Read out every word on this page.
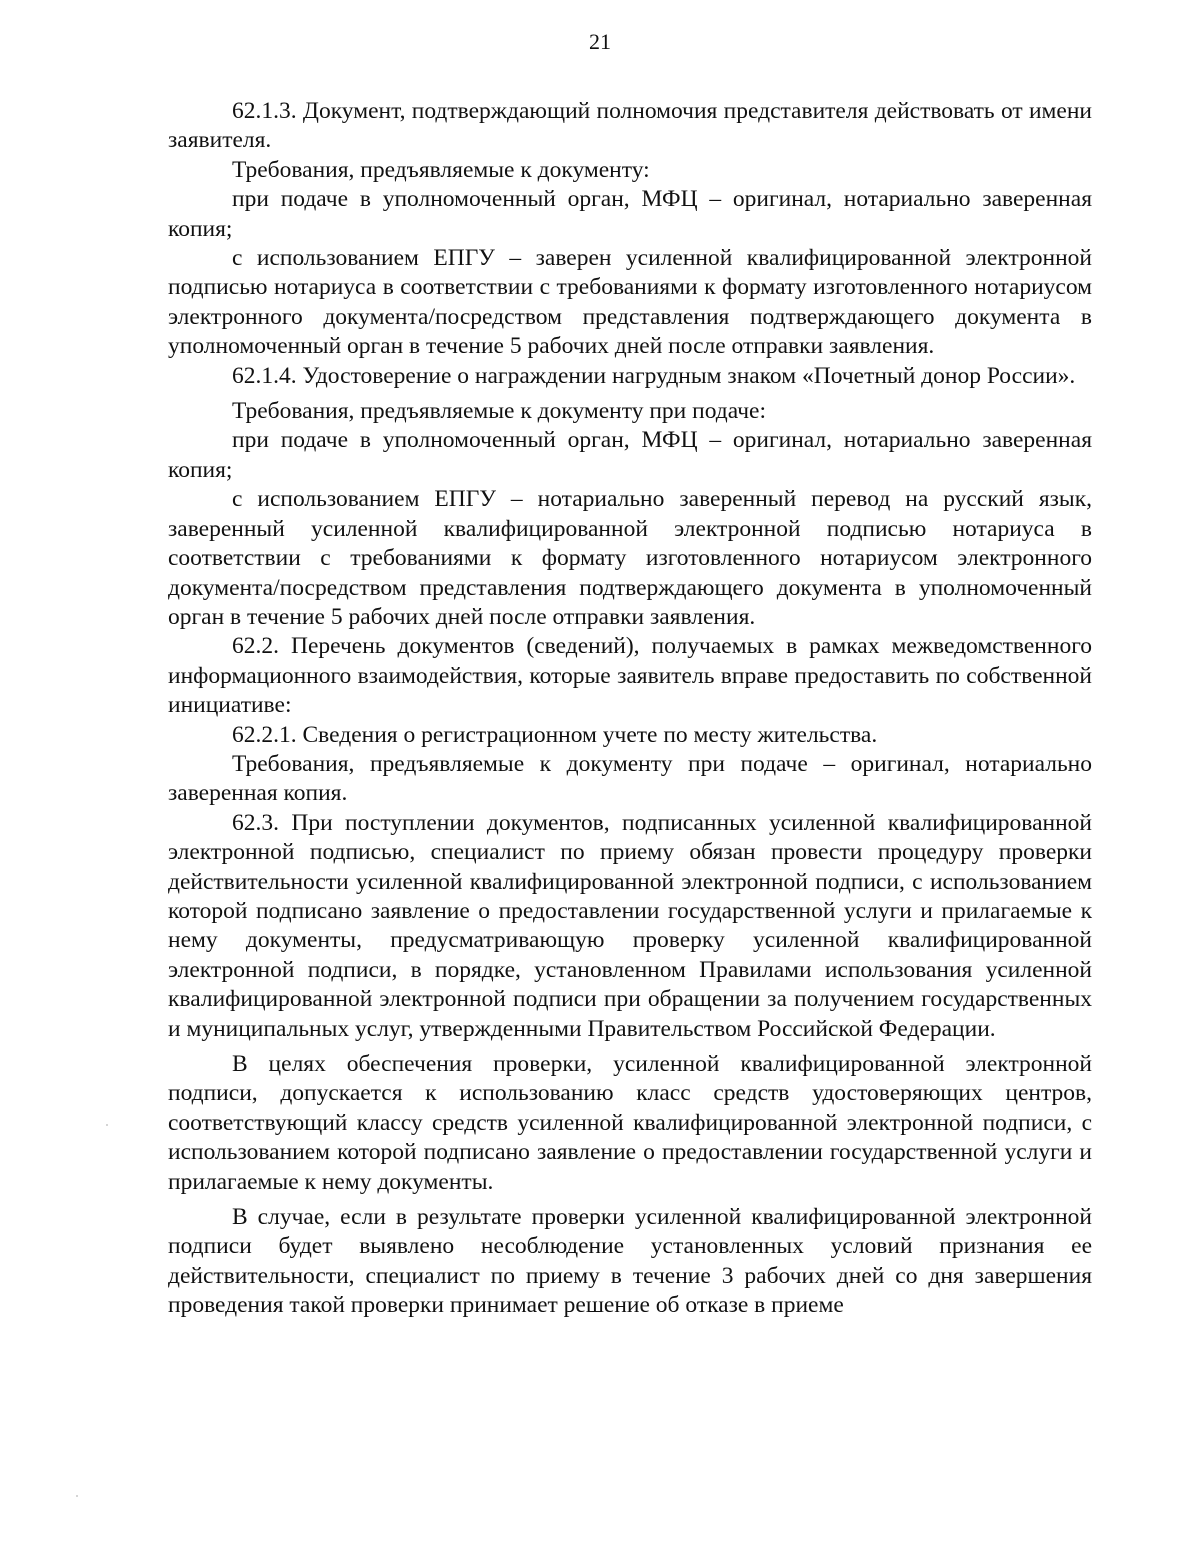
21

62.1.3. Документ, подтверждающий полномочия представителя действовать от имени заявителя.

Требования, предъявляемые к документу:

при подаче в уполномоченный орган, МФЦ – оригинал, нотариально заверенная копия;

с использованием ЕПГУ – заверен усиленной квалифицированной электронной подписью нотариуса в соответствии с требованиями к формату изготовленного нотариусом электронного документа/посредством представления подтверждающего документа в уполномоченный орган в течение 5 рабочих дней после отправки заявления.

62.1.4. Удостоверение о награждении нагрудным знаком «Почетный донор России».

Требования, предъявляемые к документу при подаче:

при подаче в уполномоченный орган, МФЦ – оригинал, нотариально заверенная копия;

с использованием ЕПГУ – нотариально заверенный перевод на русский язык, заверенный усиленной квалифицированной электронной подписью нотариуса в соответствии с требованиями к формату изготовленного нотариусом электронного документа/посредством представления подтверждающего документа в уполномоченный орган в течение 5 рабочих дней после отправки заявления.

62.2. Перечень документов (сведений), получаемых в рамках межведомственного информационного взаимодействия, которые заявитель вправе предоставить по собственной инициативе:

62.2.1. Сведения о регистрационном учете по месту жительства.

Требования, предъявляемые к документу при подаче – оригинал, нотариально заверенная копия.

62.3. При поступлении документов, подписанных усиленной квалифицированной электронной подписью, специалист по приему обязан провести процедуру проверки действительности усиленной квалифицированной электронной подписи, с использованием которой подписано заявление о предоставлении государственной услуги и прилагаемые к нему документы, предусматривающую проверку усиленной квалифицированной электронной подписи, в порядке, установленном Правилами использования усиленной квалифицированной электронной подписи при обращении за получением государственных и муниципальных услуг, утвержденными Правительством Российской Федерации.

В целях обеспечения проверки, усиленной квалифицированной электронной подписи, допускается к использованию класс средств удостоверяющих центров, соответствующий классу средств усиленной квалифицированной электронной подписи, с использованием которой подписано заявление о предоставлении государственной услуги и прилагаемые к нему документы.

В случае, если в результате проверки усиленной квалифицированной электронной подписи будет выявлено несоблюдение установленных условий признания ее действительности, специалист по приему в течение 3 рабочих дней со дня завершения проведения такой проверки принимает решение об отказе в приеме
